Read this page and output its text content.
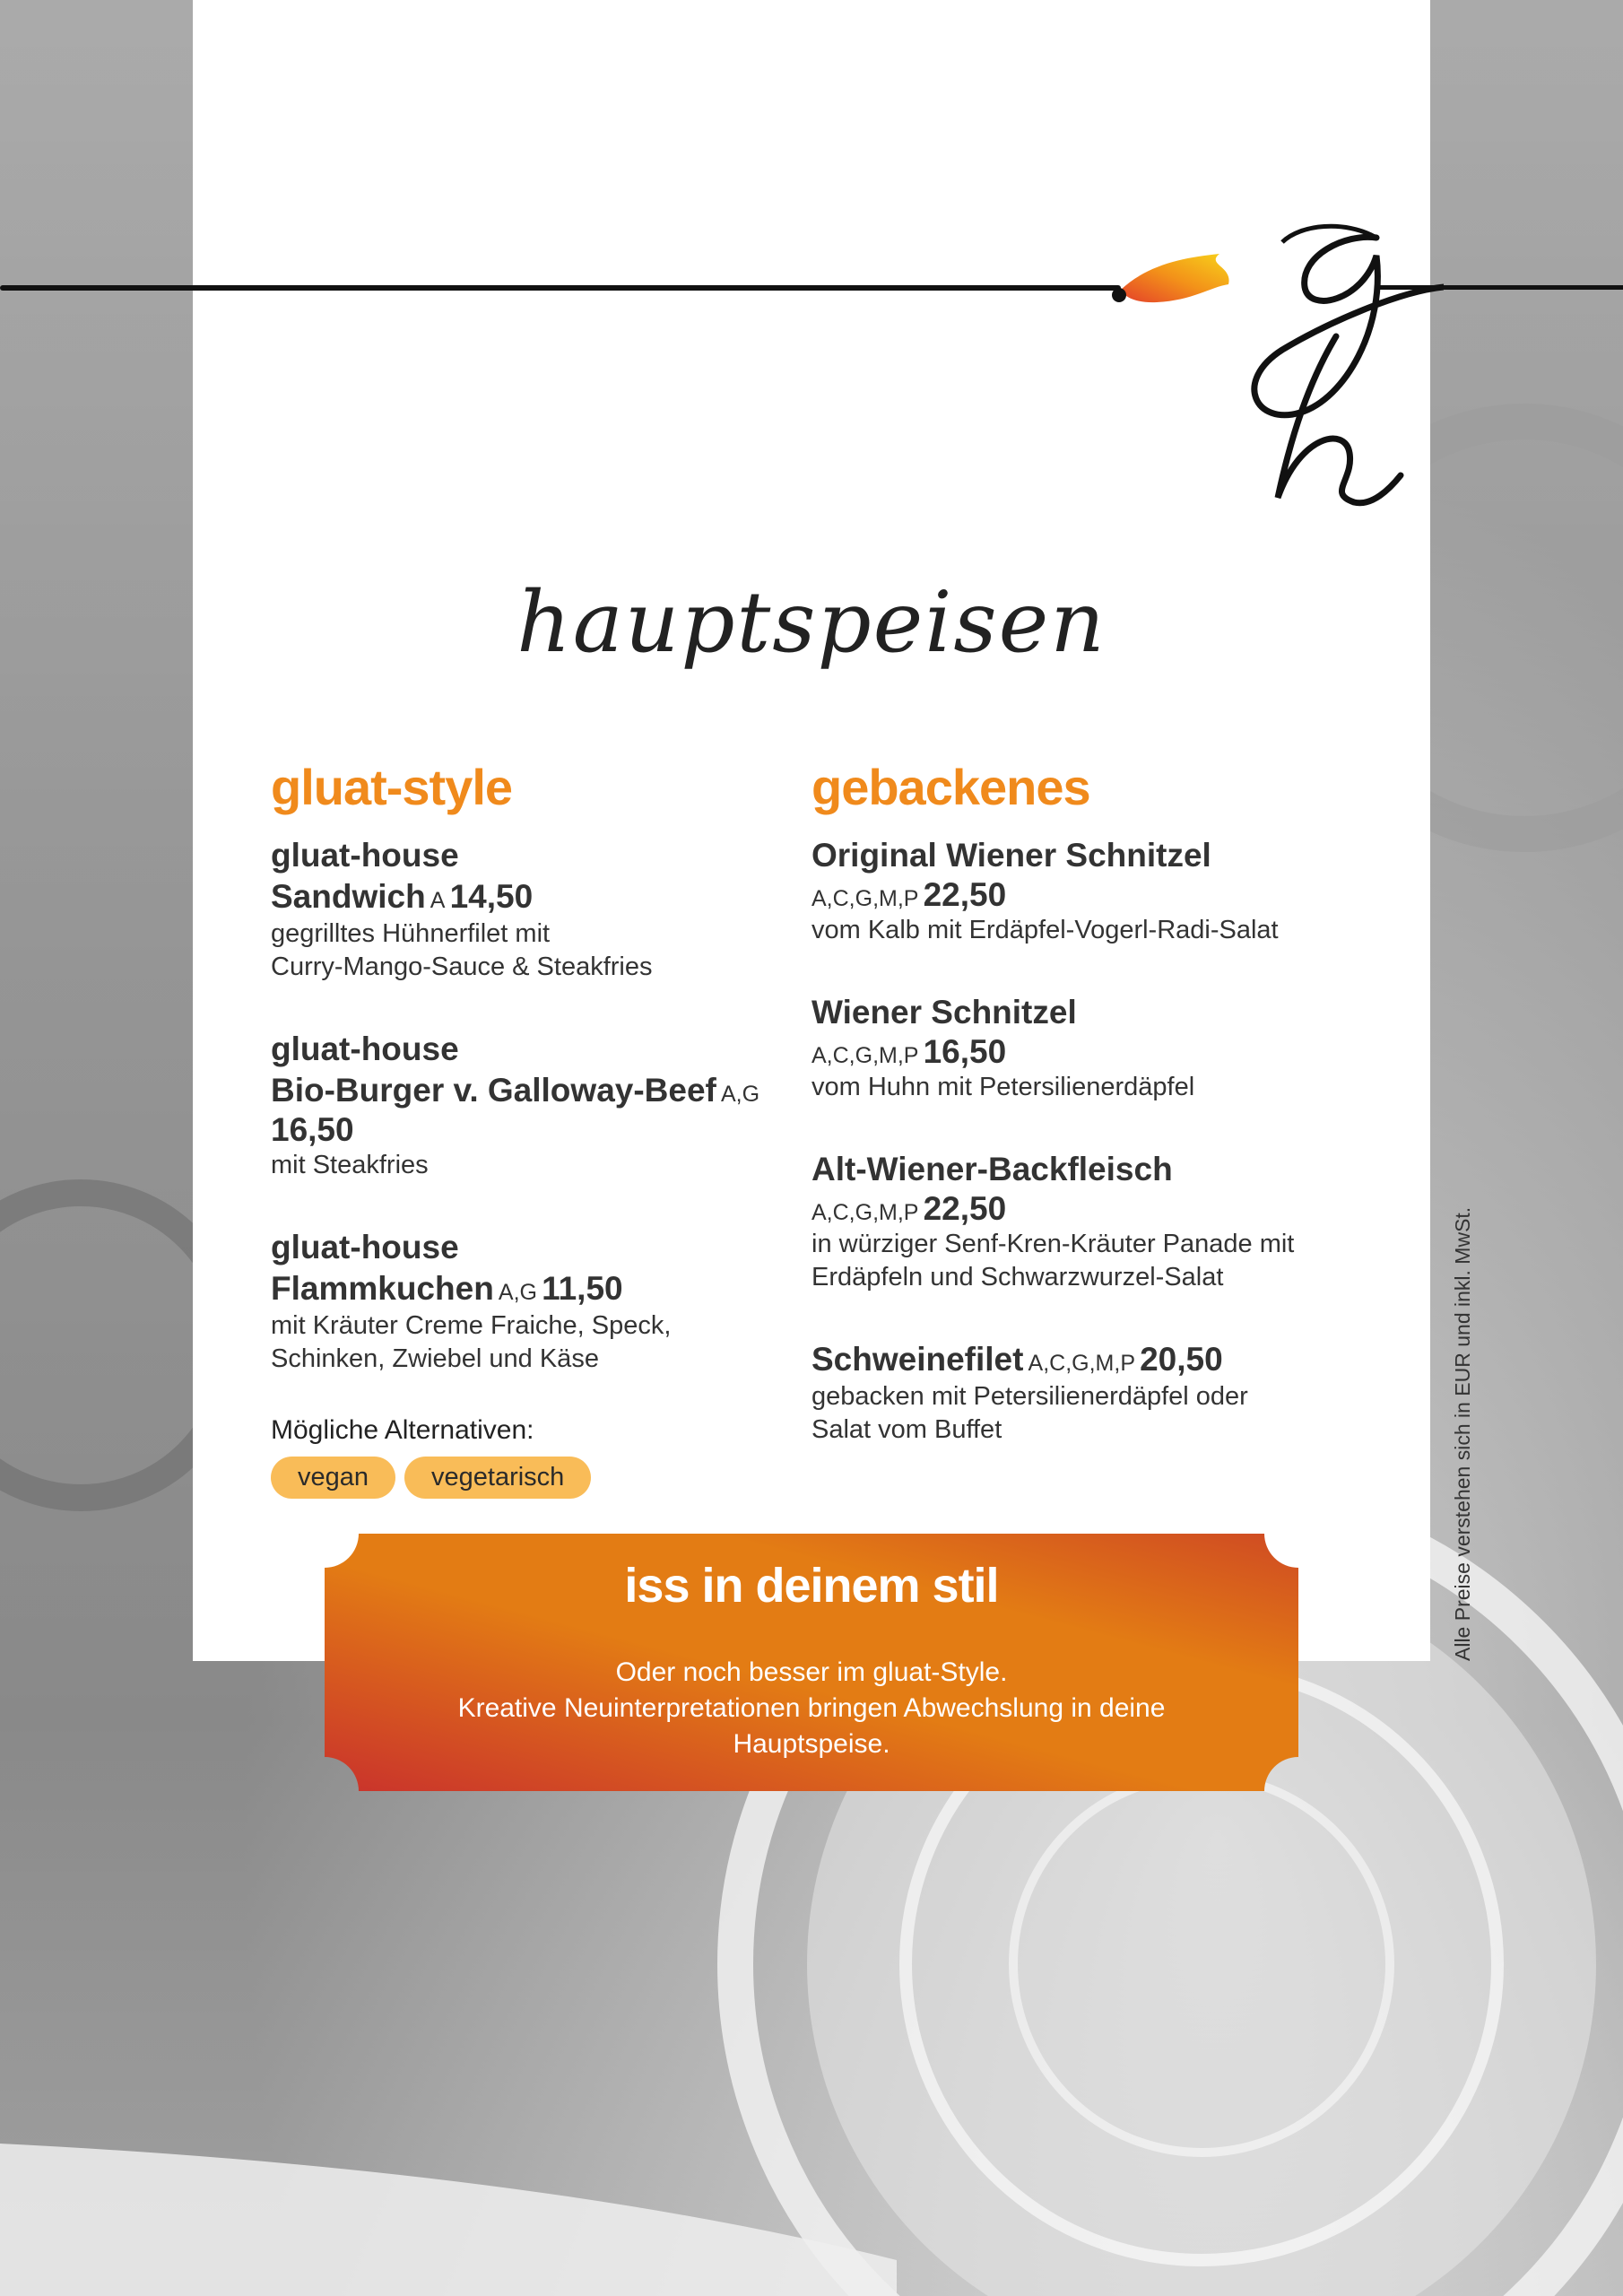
hauptspeisen
gluat-style
gluat-house
Sandwich A 14,50
gegrilltes Hühnerfilet mit
Curry-Mango-Sauce & Steakfries
gluat-house
Bio-Burger v. Galloway-Beef A,G
16,50
mit Steakfries
gluat-house
Flammkuchen A,G 11,50
mit Kräuter Creme Fraiche, Speck,
Schinken, Zwiebel und Käse
Mögliche Alternativen:
vegan	vegetarisch
gebackenes
Original Wiener Schnitzel
A,C,G,M,P 22,50
vom Kalb mit Erdäpfel-Vogerl-Radi-Salat
Wiener Schnitzel
A,C,G,M,P 16,50
vom Huhn mit Petersilienerdäpfel
Alt-Wiener-Backfleisch
A,C,G,M,P 22,50
in würziger Senf-Kren-Kräuter Panade mit
Erdäpfeln und Schwarzwurzel-Salat
Schweinefilet A,C,G,M,P 20,50
gebacken mit Petersilienerdäpfel oder
Salat vom Buffet
iss in deinem stil
Oder noch besser im gluat-Style.
Kreative Neuinterpretationen bringen Abwechslung in deine
Hauptspeise.
Alle Preise verstehen sich in EUR und inkl. MwSt.
